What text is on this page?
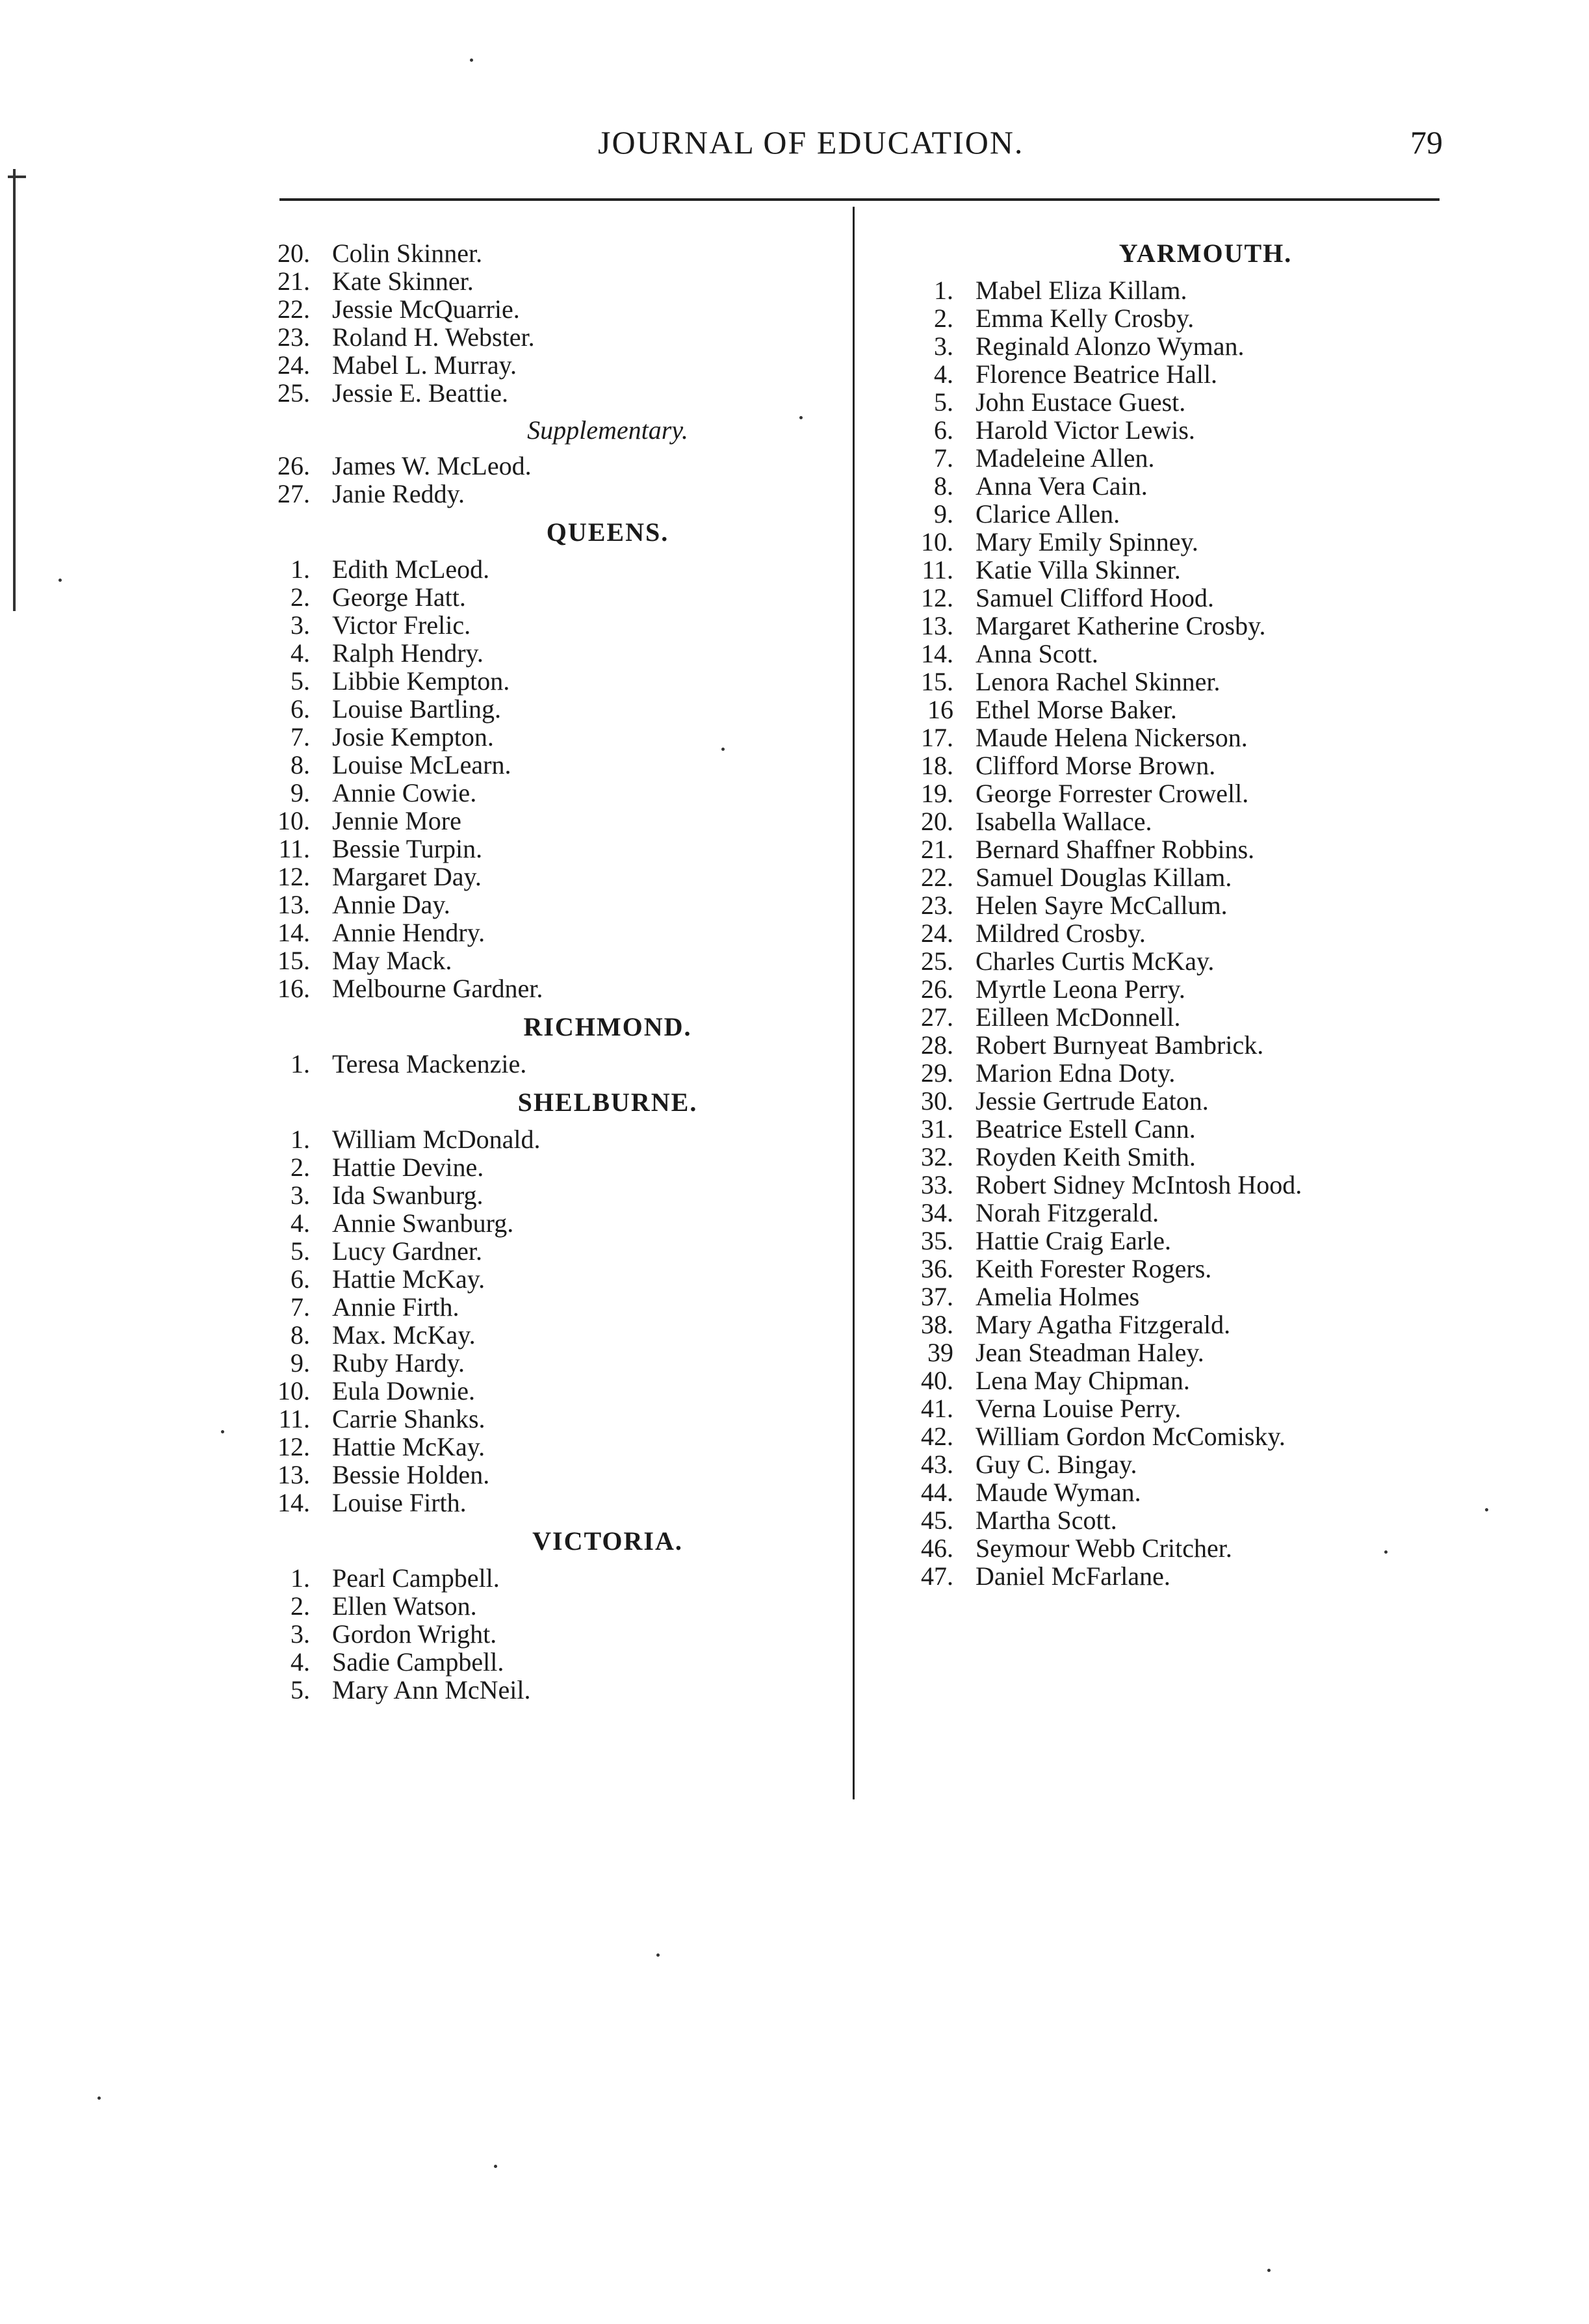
JOURNAL OF EDUCATION.	79
20. Colin Skinner.
21. Kate Skinner.
22. Jessie McQuarrie.
23. Roland H. Webster.
24. Mabel L. Murray.
25. Jessie E. Beattie.
Supplementary.
26. James W. McLeod.
27. Janie Reddy.
QUEENS.
1. Edith McLeod.
2. George Hatt.
3. Victor Frelic.
4. Ralph Hendry.
5. Libbie Kempton.
6. Louise Bartling.
7. Josie Kempton.
8. Louise McLearn.
9. Annie Cowie.
10. Jennie More
11. Bessie Turpin.
12. Margaret Day.
13. Annie Day.
14. Annie Hendry.
15. May Mack.
16. Melbourne Gardner.
RICHMOND.
1. Teresa Mackenzie.
SHELBURNE.
1. William McDonald.
2. Hattie Devine.
3. Ida Swanburg.
4. Annie Swanburg.
5. Lucy Gardner.
6. Hattie McKay.
7. Annie Firth.
8. Max. McKay.
9. Ruby Hardy.
10. Eula Downie.
11. Carrie Shanks.
12. Hattie McKay.
13. Bessie Holden.
14. Louise Firth.
VICTORIA.
1. Pearl Campbell.
2. Ellen Watson.
3. Gordon Wright.
4. Sadie Campbell.
5. Mary Ann McNeil.
YARMOUTH.
1. Mabel Eliza Killam.
2. Emma Kelly Crosby.
3. Reginald Alonzo Wyman.
4. Florence Beatrice Hall.
5. John Eustace Guest.
6. Harold Victor Lewis.
7. Madeleine Allen.
8. Anna Vera Cain.
9. Clarice Allen.
10. Mary Emily Spinney.
11. Katie Villa Skinner.
12. Samuel Clifford Hood.
13. Margaret Katherine Crosby.
14. Anna Scott.
15. Lenora Rachel Skinner.
16 Ethel Morse Baker.
17. Maude Helena Nickerson.
18. Clifford Morse Brown.
19. George Forrester Crowell.
20. Isabella Wallace.
21. Bernard Shaffner Robbins.
22. Samuel Douglas Killam.
23. Helen Sayre McCallum.
24. Mildred Crosby.
25. Charles Curtis McKay.
26. Myrtle Leona Perry.
27. Eilleen McDonnell.
28. Robert Burnyeat Bambrick.
29. Marion Edna Doty.
30. Jessie Gertrude Eaton.
31. Beatrice Estell Cann.
32. Royden Keith Smith.
33. Robert Sidney McIntosh Hood.
34. Norah Fitzgerald.
35. Hattie Craig Earle.
36. Keith Forester Rogers.
37. Amelia Holmes
38. Mary Agatha Fitzgerald.
39 Jean Steadman Haley.
40. Lena May Chipman.
41. Verna Louise Perry.
42. William Gordon McComisky.
43. Guy C. Bingay.
44. Maude Wyman.
45. Martha Scott.
46. Seymour Webb Critcher.
47. Daniel McFarlane.
